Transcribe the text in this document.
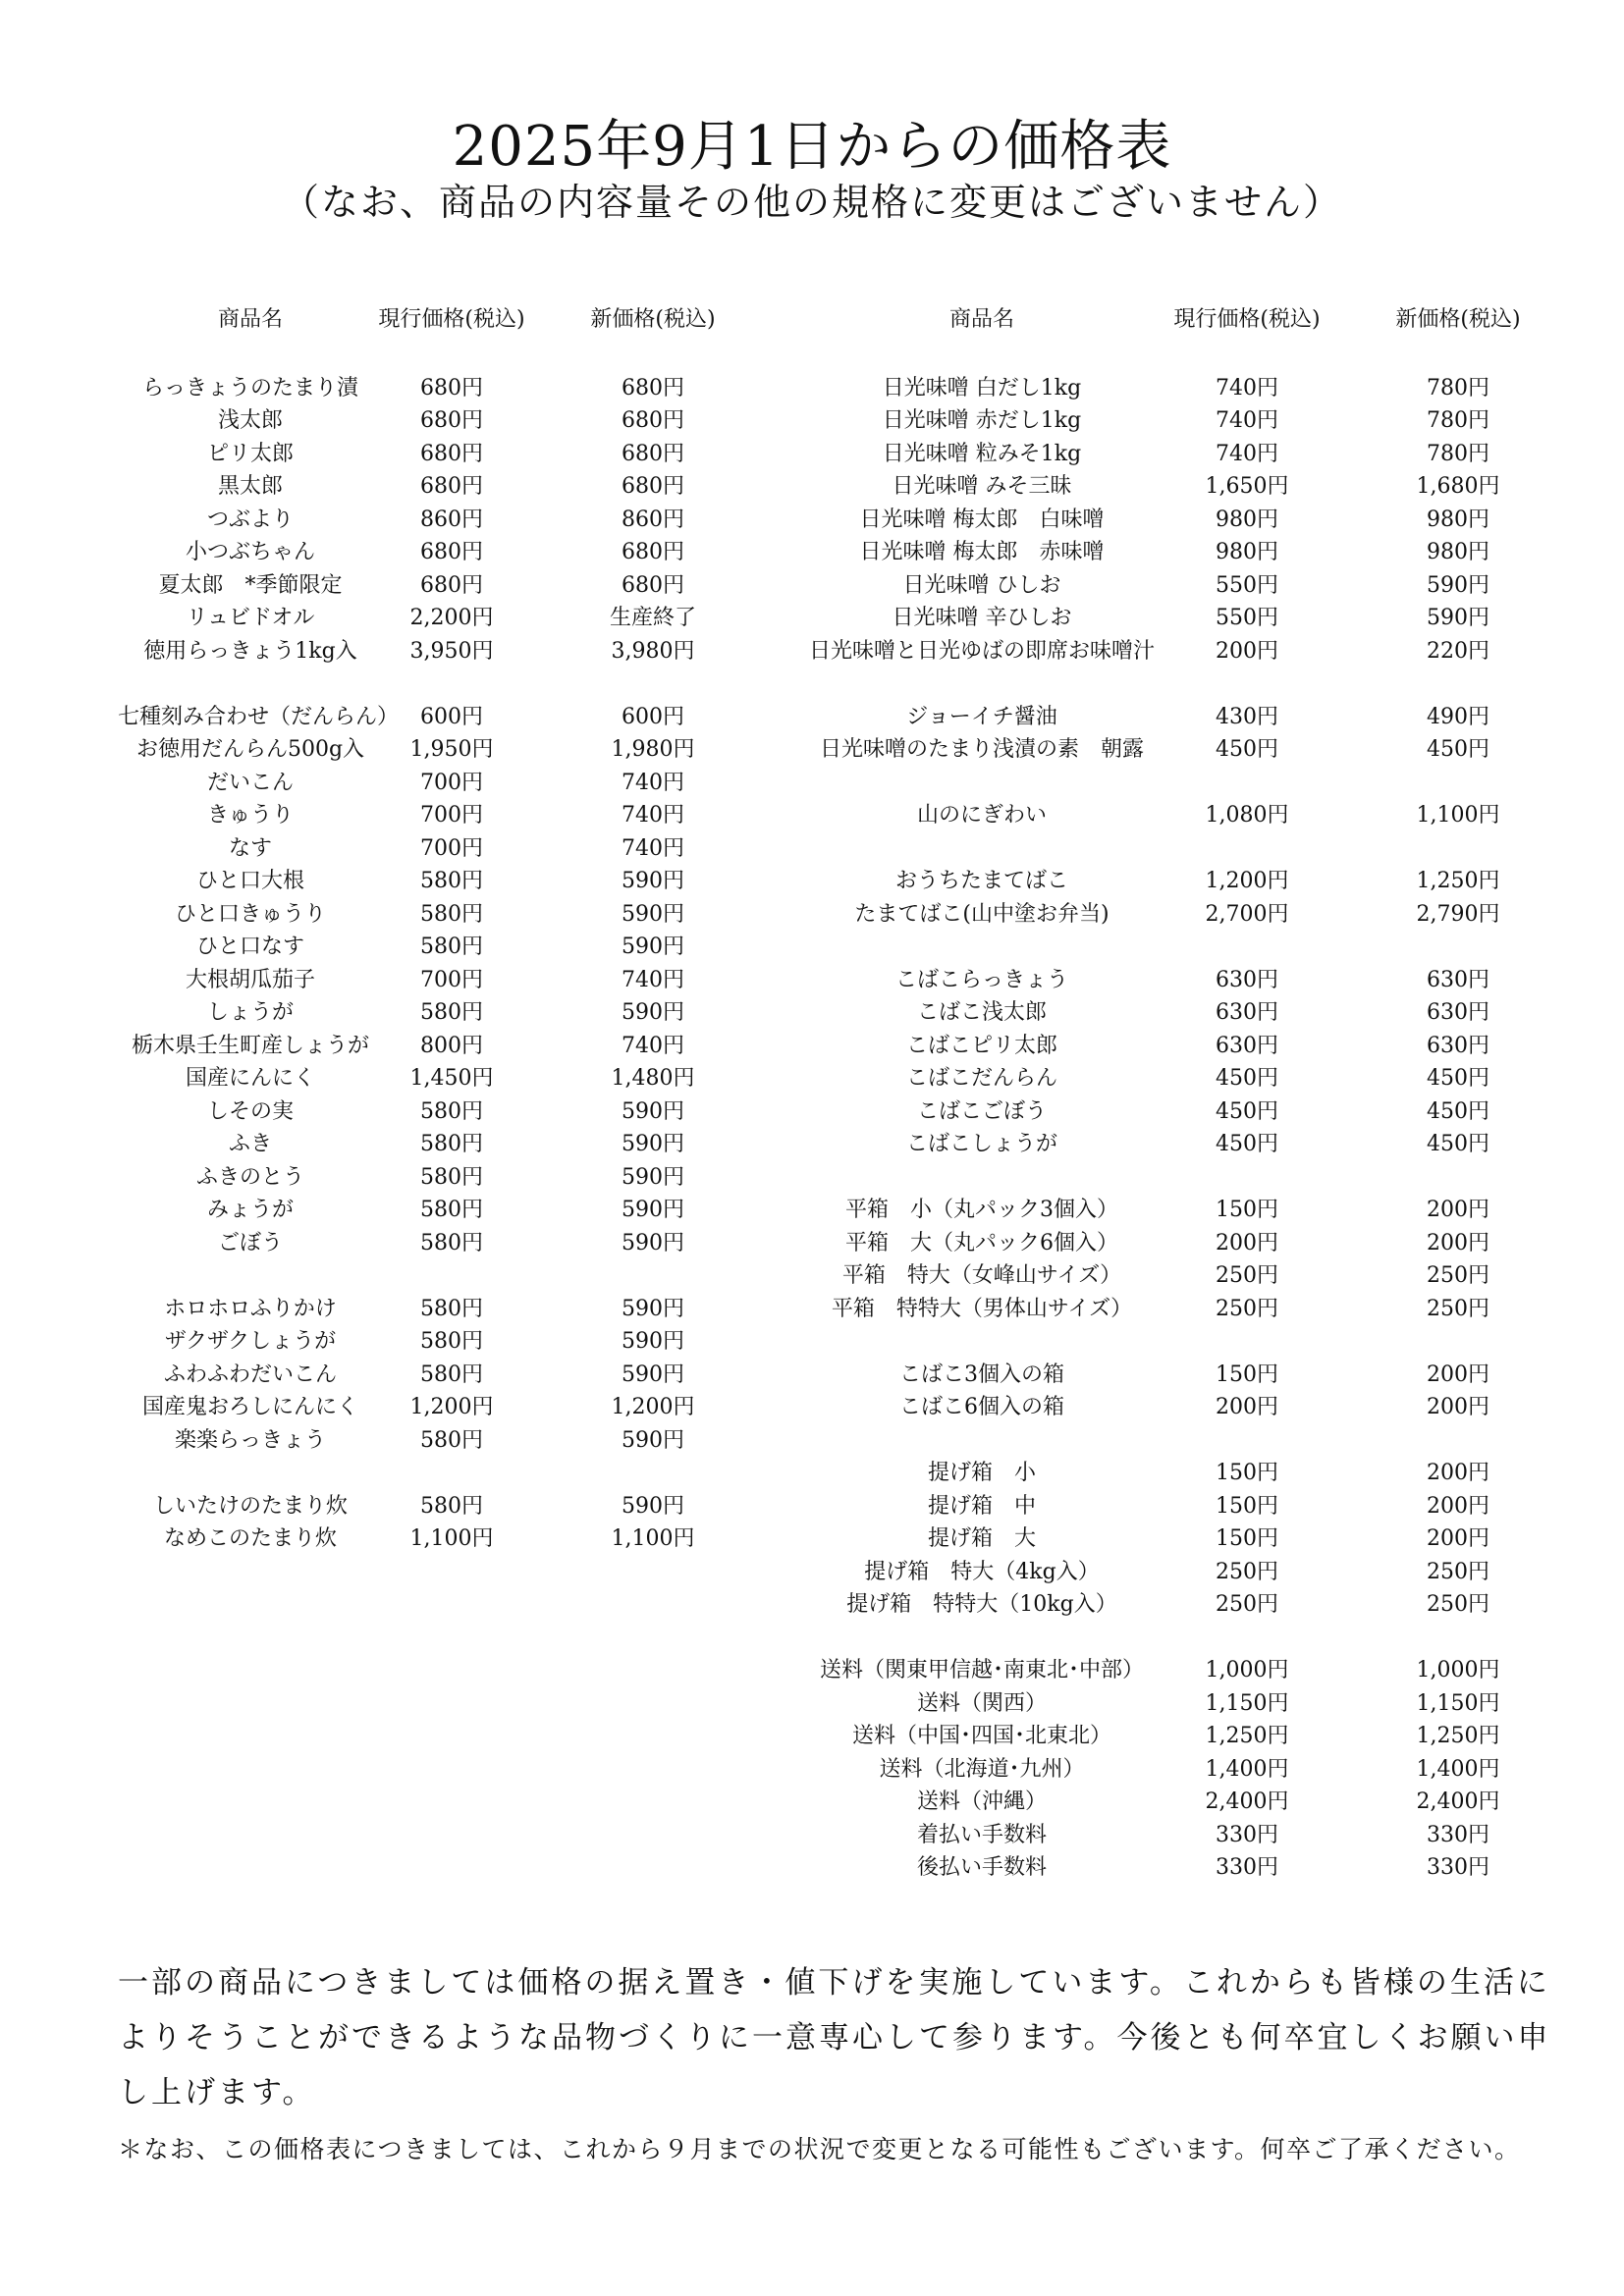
2025年9月1日からの価格表
（なお、商品の内容量その他の規格に変更はございません）
商品名	現行価格(税込)	新価格(税込)
らっきょうのたまり漬	680円	680円
浅太郎	680円	680円
ピリ太郎	680円	680円
黒太郎	680円	680円
つぶより	860円	860円
小つぶちゃん	680円	680円
夏太郎　*季節限定	680円	680円
リュビドオル	2,200円	生産終了
徳用らっきょう1kg入	3,950円	3,980円
七種刻み合わせ（だんらん） 600円	600円
お徳用だんらん500g入	1,950円	1,980円
だいこん	700円	740円
きゅうり	700円	740円
なす	700円	740円
ひと口大根	580円	590円
ひと口きゅうり	580円	590円
ひと口なす	580円	590円
大根胡瓜茄子	700円	740円
しょうが	580円	590円
栃木県壬生町産しょうが	800円	740円
国産にんにく	1,450円	1,480円
しその実	580円	590円
ふき	580円	590円
ふきのとう	580円	590円
みょうが	580円	590円
ごぼう	580円	590円
ホロホロふりかけ	580円	590円
ザクザクしょうが	580円	590円
ふわふわだいこん	580円	590円
国産鬼おろしにんにく	1,200円	1,200円
楽楽らっきょう	580円	590円
しいたけのたまり炊	580円	590円
なめこのたまり炊	1,100円	1,100円
商品名	現行価格(税込)	新価格(税込)
日光味噌 白だし1kg	740円	780円
日光味噌 赤だし1kg	740円	780円
日光味噌 粒みそ1kg	740円	780円
日光味噌 みそ三昧	1,650円	1,680円
日光味噌 梅太郎　白味噌	980円	980円
日光味噌 梅太郎　赤味噌	980円	980円
日光味噌 ひしお	550円	590円
日光味噌 辛ひしお	550円	590円
日光味噌と日光ゆばの即席お味噌汁	200円	220円
ジョーイチ醤油	430円	490円
日光味噌のたまり浅漬の素　朝露	450円	450円
山のにぎわい	1,080円	1,100円
おうちたまてばこ	1,200円	1,250円
たまてばこ(山中塗お弁当)	2,700円	2,790円
こばこらっきょう	630円	630円
こばこ浅太郎	630円	630円
こばこピリ太郎	630円	630円
こばこだんらん	450円	450円
こばこごぼう	450円	450円
こばこしょうが	450円	450円
平箱　小（丸パック3個入）	150円	200円
平箱　大（丸パック6個入）	200円	200円
平箱　特大（女峰山サイズ）	250円	250円
平箱　特特大（男体山サイズ）	250円	250円
こばこ3個入の箱	150円	200円
こばこ6個入の箱	200円	200円
提げ箱　小	150円	200円
提げ箱　中	150円	200円
提げ箱　大	150円	200円
提げ箱　特大（4kg入）	250円	250円
提げ箱　特特大（10kg入）	250円	250円
送料（関東甲信越･南東北･中部）	1,000円	1,000円
送料（関西）	1,150円	1,150円
送料（中国･四国･北東北）	1,250円	1,250円
送料（北海道･九州）	1,400円	1,400円
送料（沖縄）	2,400円	2,400円
着払い手数料	330円	330円
後払い手数料	330円	330円
一部の商品につきましては価格の据え置き・値下げを実施しています。これからも皆様の生活によりそうことができるような品物づくりに一意専心して参ります。今後とも何卒宜しくお願い申し上げます。
＊なお、この価格表につきましては、これから９月までの状況で変更となる可能性もございます。何卒ご了承ください。
